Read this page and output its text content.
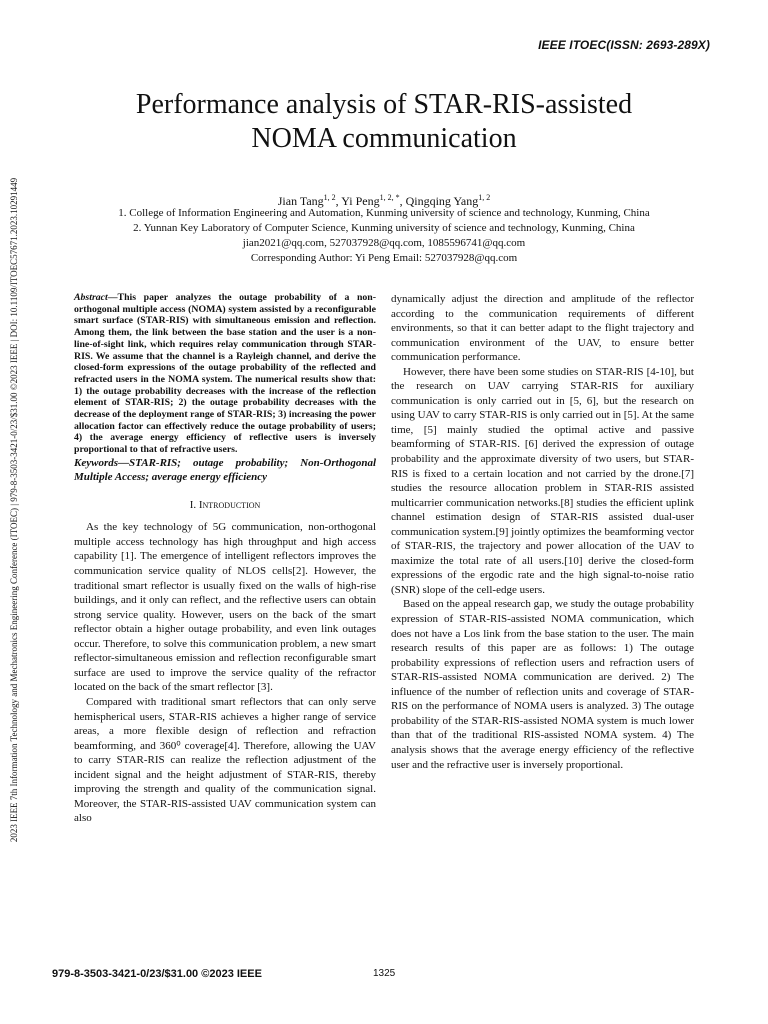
IEEE ITOEC(ISSN: 2693-289X)
2023 IEEE 7th Information Technology and Mechatronics Engineering Conference (ITOEC) | 979-8-3503-3421-0/23/$31.00 ©2023 IEEE | DOI: 10.1109/ITOEC57671.2023.10291449
Performance analysis of STAR-RIS-assisted
NOMA communication
Jian Tang$^{1, 2}$, Yi Peng$^{1, 2, *}$, Qingqing Yang$^{1, 2}$
1. College of Information Engineering and Automation, Kunming university of science and technology, Kunming, China
2. Yunnan Key Laboratory of Computer Science, Kunming university of science and technology, Kunming, China
jian2021@qq.com, 527037928@qq.com, 1085596741@qq.com
Corresponding Author: Yi Peng Email: 527037928@qq.com

Abstract—This paper analyzes the outage probability of a non-orthogonal multiple access (NOMA) system assisted by a reconfigurable smart surface (STAR-RIS) with simultaneous emission and reflection. Among them, the link between the base station and the user is a non-line-of-sight link, which requires relay communication through STAR-RIS. We assume that the channel is a Rayleigh channel, and derive the closed-form expressions of the outage probability of the reflected and refracted users in the NOMA system. The numerical results show that: 1) the outage probability decreases with the increase of the reflection element of STAR-RIS; 2) the outage probability decreases with the decrease of the deployment range of STAR-RIS; 3) increasing the power allocation factor can effectively reduce the outage probability of users; 4) the average energy efficiency of reflective users is inversely proportional to that of refractive users.

Keywords—STAR-RIS; outage probability; Non-Orthogonal Multiple Access; average energy efficiency

I. Introduction

As the key technology of 5G communication, non-orthogonal multiple access technology has high throughput and high access capability [1]. The emergence of intelligent reflectors improves the communication service quality of NLOS cells[2]. However, the traditional smart reflector is usually fixed on the walls of high-rise buildings, and it only can reflect, and the reflective users can obtain strong service quality. However, users on the back of the smart reflector obtain a higher outage probability, and even link outages occur. Therefore, to solve this communication problem, a new smart reflector-simultaneous emission and reflection reconfigurable smart surface are used to improve the service quality of the refractor located on the back of the smart reflector [3].

Compared with traditional smart reflectors that can only serve hemispherical users, STAR-RIS achieves a higher range of service areas, a more flexible design of reflection and refraction beamforming, and 360⁰ coverage[4]. Therefore, allowing the UAV to carry STAR-RIS can realize the reflection adjustment of the incident signal and the height adjustment of STAR-RIS, thereby improving the strength and quality of the communication signal. Moreover, the STAR-RIS-assisted UAV communication system can also

dynamically adjust the direction and amplitude of the reflector according to the communication requirements of different environments, so that it can better adapt to the flight trajectory and communication environment of the UAV, to ensure better communication performance.

However, there have been some studies on STAR-RIS [4-10], but the research on UAV carrying STAR-RIS for auxiliary communication is only carried out in [5, 6], but the research on using UAV to carry STAR-RIS is only carried out in [5]. At the same time, [5] mainly studied the optimal active and passive beamforming of STAR-RIS. [6] derived the expression of outage probability and the approximate diversity of two users, but STAR-RIS is fixed to a certain location and not carried by the drone.[7] studies the resource allocation problem in STAR-RIS assisted multicarrier communication networks.[8] studies the efficient uplink channel estimation design of STAR-RIS assisted dual-user communication system.[9] jointly optimizes the beamforming vector of STAR-RIS, the trajectory and power allocation of the UAV to maximize the total rate of all users.[10] derive the closed-form expressions of the ergodic rate and the high signal-to-noise ratio (SNR) slope of the cell-edge users.

Based on the appeal research gap, we study the outage probability expression of STAR-RIS-assisted NOMA communication, which does not have a Los link from the base station to the user. The main research results of this paper are as follows: 1) The outage probability expressions of reflection users and refraction users of STAR-RIS-assisted NOMA communication are derived. 2) The influence of the number of reflection units and coverage of STAR-RIS on the performance of NOMA users is analyzed. 3) The outage probability of the STAR-RIS-assisted NOMA system is much lower than that of the traditional RIS-assisted NOMA system. 4) The analysis shows that the average energy efficiency of the reflective user and the refractive user is inversely proportional.

979-8-3503-3421-0/23/$31.00 ©2023 IEEE	1325
